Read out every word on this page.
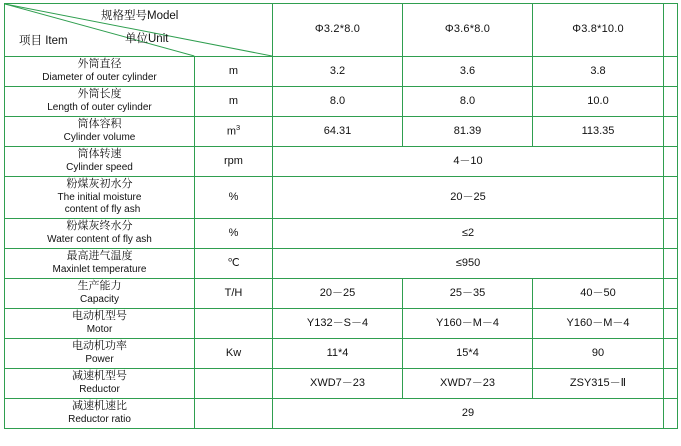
规格型号Model
单位Unit
项目 Item		Φ3.2*8.0	Φ3.6*8.0	Φ3.8*10.0	

外筒直径
Diameter of outer cylinder	m	3.2	3.6	3.8	

外筒长度
Length of outer cylinder	m	8.0	8.0	10.0	

筒体容积
Cylinder volume	$m^3$	64.31	81.39	113.35	

筒体转速
Cylinder speed	rpm	4－10			

粉煤灰初水分
The initial moisture
content of fly ash	%	20－25			

粉煤灰终水分
Water content of fly ash	%	≤2			

最高进气温度
Maxinlet temperature	℃	≤950			

生产能力
Capacity	T/H	20－25	25－35	40－50	

电动机型号
Motor		Y132－S－4	Y160－M－4	Y160－M－4	

电动机功率
Power	Kw	11*4	15*4	90	

减速机型号
Reductor		XWD7－23	XWD7－23	ZSY315－Ⅱ	

减速机速比
Reductor ratio		29			
